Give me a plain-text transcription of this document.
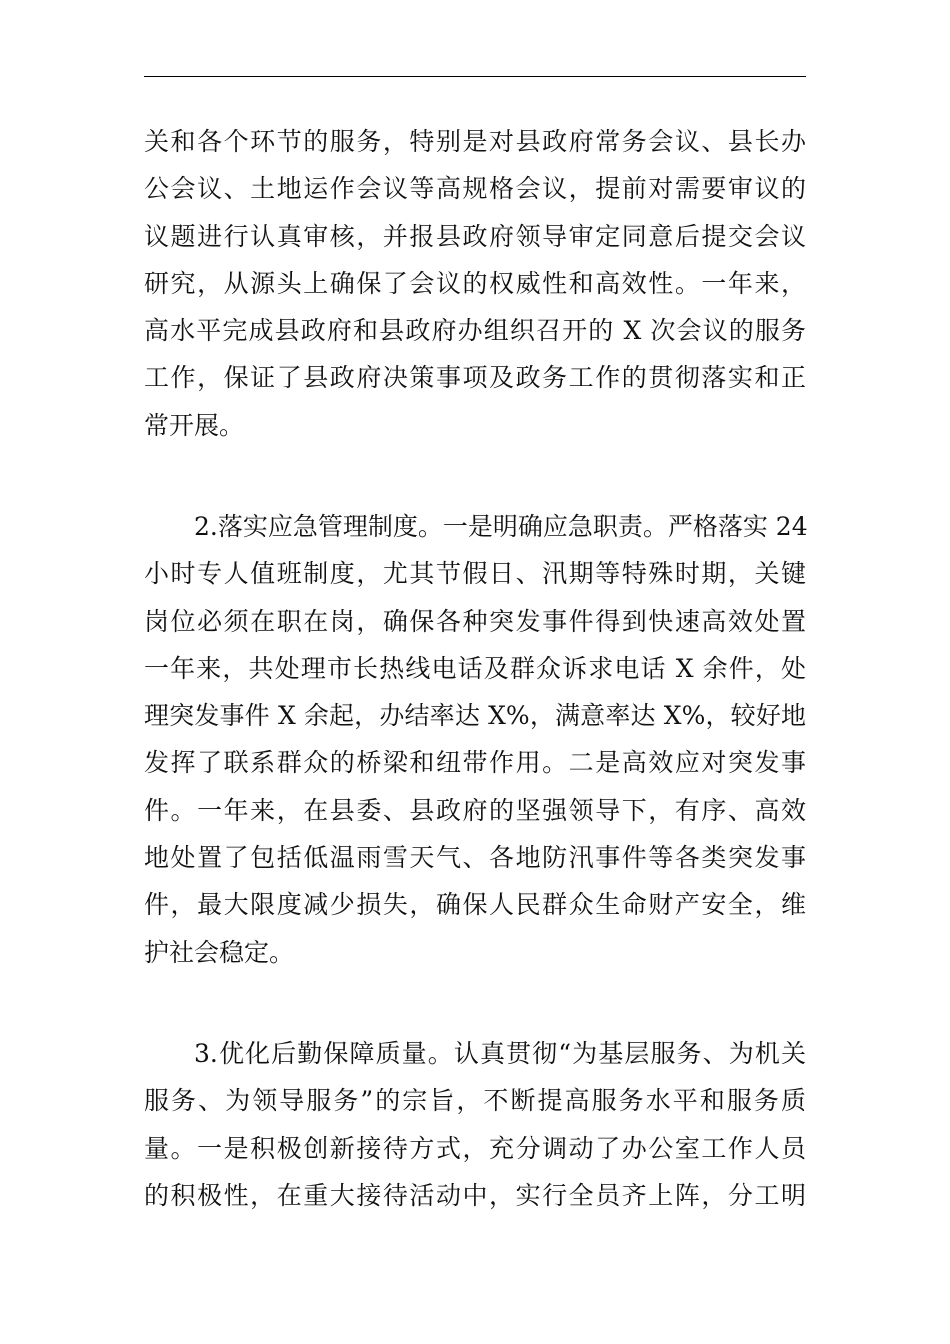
关和各个环节的服务，特别是对县政府常务会议、县长办
公会议、土地运作会议等高规格会议，提前对需要审议的
议题进行认真审核，并报县政府领导审定同意后提交会议
研究，从源头上确保了会议的权威性和高效性。一年来，
高水平完成县政府和县政府办组织召开的 X 次会议的服务
工作，保证了县政府决策事项及政务工作的贯彻落实和正
常开展。
2.落实应急管理制度。一是明确应急职责。严格落实 24
小时专人值班制度，尤其节假日、汛期等特殊时期，关键
岗位必须在职在岗，确保各种突发事件得到快速高效处置
一年来，共处理市长热线电话及群众诉求电话 X 余件，处
理突发事件 X 余起，办结率达 X%，满意率达 X%，较好地
发挥了联系群众的桥梁和纽带作用。二是高效应对突发事
件。一年来，在县委、县政府的坚强领导下，有序、高效
地处置了包括低温雨雪天气、各地防汛事件等各类突发事
件，最大限度减少损失，确保人民群众生命财产安全，维
护社会稳定。
3.优化后勤保障质量。认真贯彻“为基层服务、为机关
服务、为领导服务”的宗旨，不断提高服务水平和服务质
量。一是积极创新接待方式，充分调动了办公室工作人员
的积极性，在重大接待活动中，实行全员齐上阵，分工明
